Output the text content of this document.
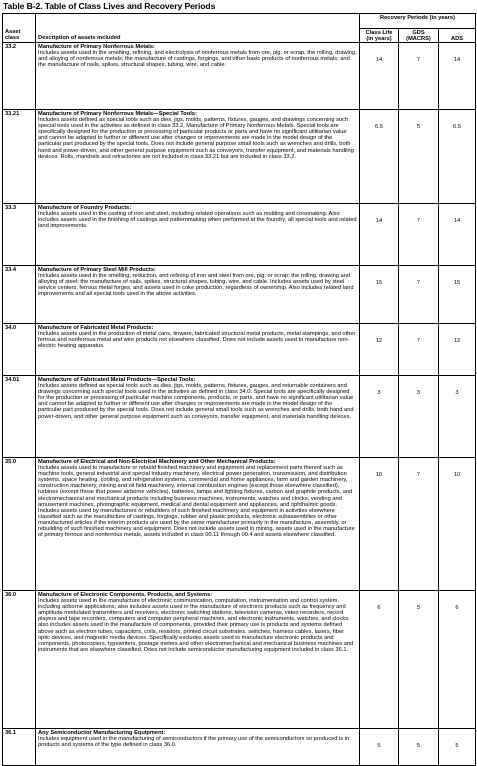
Table B-2. Table of Class Lives and Recovery Periods
Asset class	Description of assets included	Recovery Periods (in years)		
		Class Life (in years)	GDS (MACRS)	ADS
33.2	Manufacture of Primary Nonferrous Metals:
Includes assets used in the smelting, refining, and electrolysis of nonferrous metals from ore, pig, or scrap, the rolling, drawing, and alloying of nonferrous metals; the manufacture of castings, forgings, and other basic products of nonferrous metals; and the manufacture of nails, spikes, structural shapes, tubing, wire, and cable.	14	7	14
33.21	Manufacture of Primary Nonferrous Metals—Special Tools:
Includes assets defined as special tools such as dies, jigs, molds, patterns, fixtures, gauges, and drawings concerning such special tools used in the activities as defined in class 33.2, Manufacture of Primary Nonferrous Metals. Special tools are specifically designed for the production or processing of particular products or parts and have no significant utilitarian value and cannot be adapted to further or different use after changes or improvements are made in the model design of the particular part produced by the special tools. Does not include general purpose small tools such as wrenches and drills, both hand and power-driven, and other general purpose equipment such as conveyors, transfer equipment, and materials handling devices. Rolls, mandrels and refractories are not included in class 33.21 but are included in class 33.2.	6.5	5	6.5
33.3	Manufacture of Foundry Products:
Includes assets used in the casting of iron and steel, including related operations such as molding and coremaking. Also includes assets used in the finishing of castings and patternmaking when performed at the foundry, all special tools and related land improvements.	14	7	14
33.4	Manufacture of Primary Steel Mill Products:
Includes assets used in the smelting, reduction, and refining of iron and steel from ore, pig, or scrap; the rolling, drawing and alloying of steel; the manufacture of nails, spikes, structural shapes, tubing, wire, and cable. Includes assets used by steel service centers, ferrous metal forges, and assets used in coke production, regardless of ownership. Also includes related land improvements and all special tools used in the above activities.	15	7	15
34.0	Manufacture of Fabricated Metal Products:
Includes assets used in the production of metal cans, tinware, fabricated structural metal products, metal stampings, and other ferrous and nonferrous metal and wire products not elsewhere classified. Does not include assets used to manufacture non-electric heating apparatus.	12	7	12
34.01	Manufacture of Fabricated Metal Products—Special Tools:
Includes assets defined as special tools such as dies, jigs, molds, patterns, fixtures, gauges, and returnable containers and drawings concerning such special tools used in the activities as defined in class 34.0. Special tools are specifically designed for the production or processing of particular machine components, products, or parts, and have no significant utilitarian value and cannot be adapted to further or different use after changes or improvements are made in the model design of the particular part produced by the special tools. Does not include general small tools such as wrenches and drills, both hand and power-driven, and other general purpose equipment such as conveyors, transfer equipment, and materials handling devices.	3	3	3
35.0	Manufacture of Electrical and Non-Electrical Machinery and Other Mechanical Products:
Includes assets used to manufacture or rebuild finished machinery and equipment and replacement parts thereof such as machine tools, general industrial and special industry machinery, electrical power generation, transmission, and distribution systems, space heating, cooling, and refrigeration systems, commercial and home appliances, farm and garden machinery, construction machinery, mining and oil field machinery, internal combustion engines (except those elsewhere classified), turbines (except those that power airborne vehicles), batteries, lamps and lighting fixtures, carbon and graphite products, and electromechanical and mechanical products including business machines, instruments, watches and clocks, vending and amusement machines, photographic equipment, medical and dental equipment and appliances, and ophthalmic goods. Includes assets used by manufacturers or rebuilders of such finished machinery and equipment in activities elsewhere classified such as the manufacture of castings, forgings, rubber and plastic products, electronic subassemblies or other manufactured articles if the interim products are used by the same manufacturer primarily in the manufacture, assembly, or rebuilding of such finished machinery and equipment. Does not include assets used in mining, assets used in the manufacture of primary ferrous and nonferrous metals, assets included in class 00.11 through 00.4 and assets elsewhere classified.	10	7	10
36.0	Manufacture of Electronic Components, Products, and Systems:
Includes assets used in the manufacture of electronic communication, computation, instrumentation and control system, including airborne applications; also includes assets used in the manufacture of electronic products such as frequency and amplitude modulated transmitters and receivers, electronic switching stations, television cameras, video recorders, record players and tape recorders, computers and computer peripheral machines, and electronic instruments, watches, and clocks; also includes assets used in the manufacture of components, provided their primary use is products and systems defined above such as electron tubes, capacitors, coils, resistors, printed circuit substrates, switches, harness cables, lasers, fiber optic devices, and magnetic media devices. Specifically excludes assets used to manufacture electronic products and components, photocopiers, typewriters, postage meters and other electromechanical and mechanical business machines and instruments that are elsewhere classified. Does not include semiconductor manufacturing equipment included in class 36.1.	6	5	6
36.1	Any Semiconductor Manufacturing Equipment:
Includes equipment used in the manufacturing of semiconductors if the primary use of the semiconductors so produced is in products and systems of the type defined in class 36.0.	5	5	5
